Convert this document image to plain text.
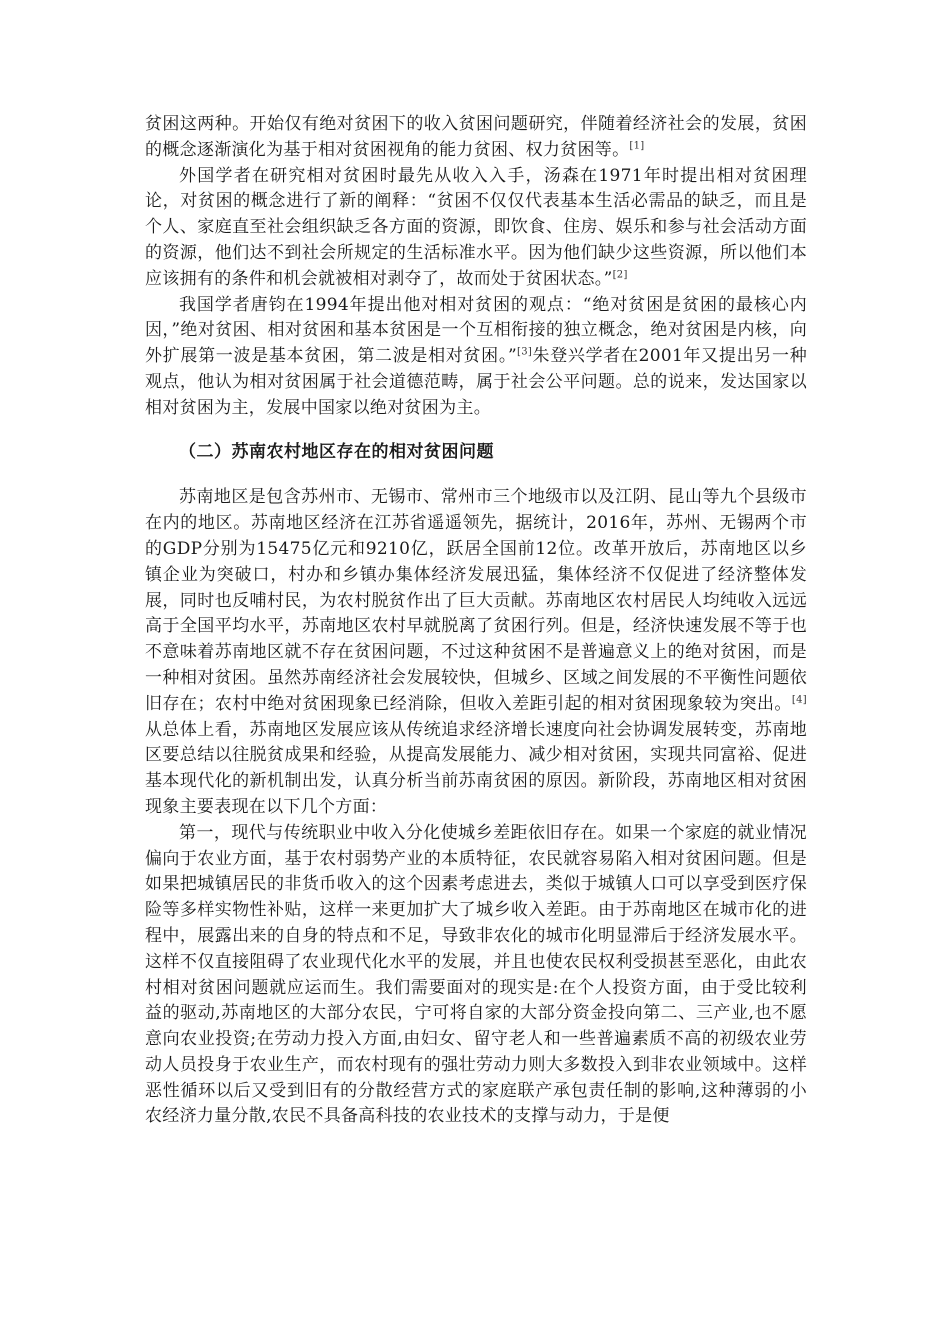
贫困这两种。开始仅有绝对贫困下的收入贫困问题研究，伴随着经济社会的发展，贫困的概念逐渐演化为基于相对贫困视角的能力贫困、权力贫困等。[1]

外国学者在研究相对贫困时最先从收入入手，汤森在1971年时提出相对贫困理论，对贫困的概念进行了新的阐释：“贫困不仅仅代表基本生活必需品的缺乏，而且是个人、家庭直至社会组织缺乏各方面的资源，即饮食、住房、娱乐和参与社会活动方面的资源，他们达不到社会所规定的生活标准水平。因为他们缺少这些资源，所以他们本应该拥有的条件和机会就被相对剥夺了，故而处于贫困状态。”[2]

我国学者唐钧在1994年提出他对相对贫困的观点：“绝对贫困是贫困的最核心内因，”绝对贫困、相对贫困和基本贫困是一个互相衔接的独立概念，绝对贫困是内核，向外扩展第一波是基本贫困，第二波是相对贫困。”[3]朱登兴学者在2001年又提出另一种观点，他认为相对贫困属于社会道德范畴，属于社会公平问题。总的说来，发达国家以相对贫困为主，发展中国家以绝对贫困为主。

（二）苏南农村地区存在的相对贫困问题

苏南地区是包含苏州市、无锡市、常州市三个地级市以及江阴、昆山等九个县级市在内的地区。苏南地区经济在江苏省遥遥领先，据统计，2016年，苏州、无锡两个市的GDP分别为15475亿元和9210亿，跃居全国前12位。改革开放后，苏南地区以乡镇企业为突破口，村办和乡镇办集体经济发展迅猛，集体经济不仅促进了经济整体发展，同时也反哺村民，为农村脱贫作出了巨大贡献。苏南地区农村居民人均纯收入远远高于全国平均水平，苏南地区农村早就脱离了贫困行列。但是，经济快速发展不等于也不意味着苏南地区就不存在贫困问题，不过这种贫困不是普遍意义上的绝对贫困，而是一种相对贫困。虽然苏南经济社会发展较快，但城乡、区域之间发展的不平衡性问题依旧存在；农村中绝对贫困现象已经消除，但收入差距引起的相对贫困现象较为突出。[4]从总体上看，苏南地区发展应该从传统追求经济增长速度向社会协调发展转变，苏南地区要总结以往脱贫成果和经验，从提高发展能力、减少相对贫困，实现共同富裕、促进基本现代化的新机制出发，认真分析当前苏南贫困的原因。新阶段，苏南地区相对贫困现象主要表现在以下几个方面：

第一，现代与传统职业中收入分化使城乡差距依旧存在。如果一个家庭的就业情况偏向于农业方面，基于农村弱势产业的本质特征，农民就容易陷入相对贫困问题。但是如果把城镇居民的非货币收入的这个因素考虑进去，类似于城镇人口可以享受到医疗保险等多样实物性补贴，这样一来更加扩大了城乡收入差距。由于苏南地区在城市化的进程中，展露出来的自身的特点和不足，导致非农化的城市化明显滞后于经济发展水平。这样不仅直接阻碍了农业现代化水平的发展，并且也使农民权利受损甚至恶化，由此农村相对贫困问题就应运而生。我们需要面对的现实是:在个人投资方面，由于受比较利益的驱动,苏南地区的大部分农民，宁可将自家的大部分资金投向第二、三产业,也不愿意向农业投资;在劳动力投入方面,由妇女、留守老人和一些普遍素质不高的初级农业劳动人员投身于农业生产，而农村现有的强壮劳动力则大多数投入到非农业领域中。这样恶性循环以后又受到旧有的分散经营方式的家庭联产承包责任制的影响,这种薄弱的小农经济力量分散,农民不具备高科技的农业技术的支撑与动力，于是便
